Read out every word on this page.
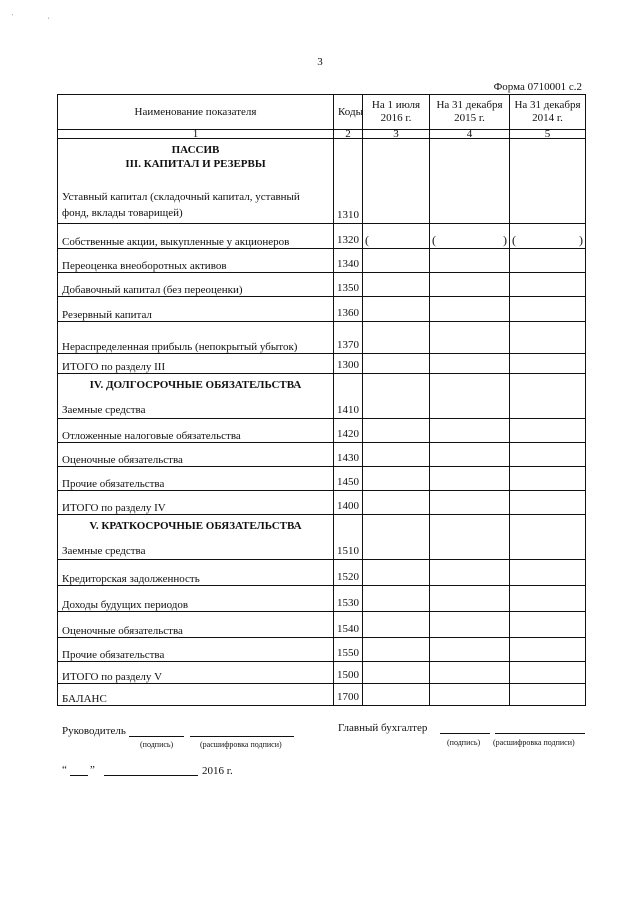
'	,
3
Форма 0710001 с.2
Наименование показателя	Коды	На 1 июля 2016 г.	На 31 декабря 2015 г.	На 31 декабря 2014 г.
1	2	3	4	5

ПАССИВ
III. КАПИТАЛ И РЕЗЕРВЫ
Уставный капитал (складочный капитал, уставный фонд, вклады товарищей)	1310			
Собственные акции, выкупленные у акционеров	1320	(	( )	( )

Переоценка внеоборотных активов	1340			
Добавочный капитал (без переоценки)	1350			
Резервный капитал	1360			
Нераспределенная прибыль (непокрытый убыток)	1370			
ИТОГО по разделу III	1300			

IV. ДОЛГОСРОЧНЫЕ ОБЯЗАТЕЛЬСТВА
Заемные средства	1410			
Отложенные налоговые обязательства	1420			
Оценочные обязательства	1430			
Прочие обязательства	1450			
ИТОГО по разделу IV	1400			

V. КРАТКОСРОЧНЫЕ ОБЯЗАТЕЛЬСТВА
Заемные средства	1510			
Кредиторская задолженность	1520			
Доходы будущих периодов	1530			
Оценочные обязательства	1540			
Прочие обязательства	1550			
ИТОГО по разделу V	1500			
БАЛАНС	1700			
Руководитель
(подпись)	(расшифровка подписи)
Главный бухгалтер
(подпись) (расшифровка подписи)
“ ”	2016 г.
